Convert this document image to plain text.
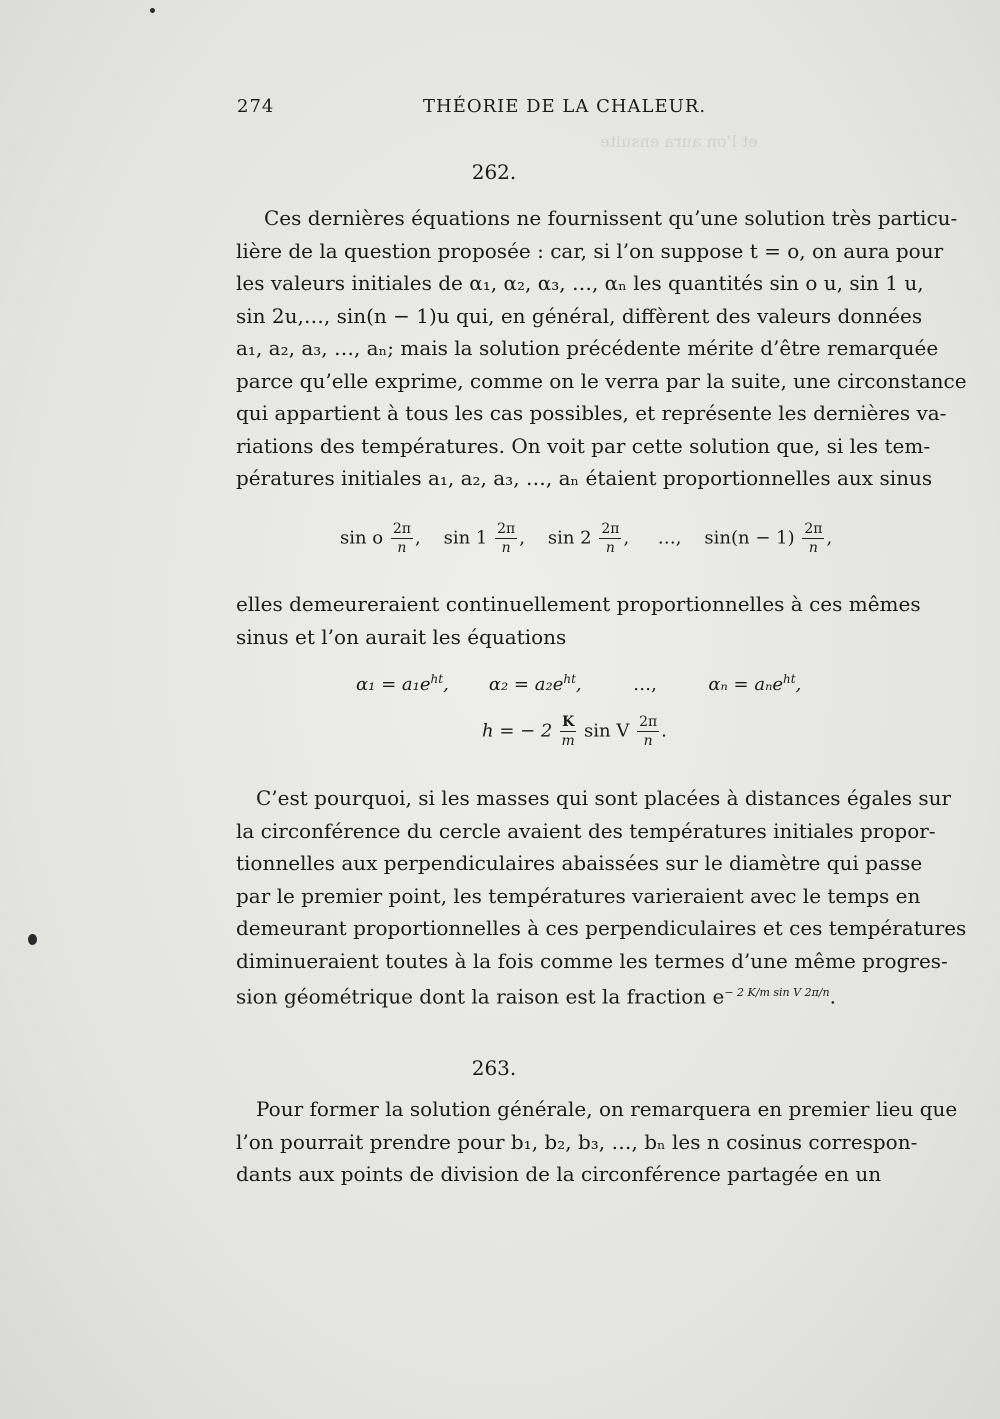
et l’on aura ensuite
274	THÉORIE DE LA CHALEUR.
262.
Ces dernières équations ne fournissent qu’une solution très particu-
lière de la question proposée : car, si l’on suppose t = o, on aura pour
les valeurs initiales de α₁, α₂, α₃, …, αₙ les quantités sin o u, sin 1 u,
sin 2u,…, sin(n − 1)u qui, en général, diffèrent des valeurs données
a₁, a₂, a₃, …, aₙ; mais la solution précédente mérite d’être remarquée
parce qu’elle exprime, comme on le verra par la suite, une circonstance
qui appartient à tous les cas possibles, et représente les dernières va-
riations des températures. On voit par cette solution que, si les tem-
pératures initiales a₁, a₂, a₃, …, aₙ étaient proportionnelles aux sinus
sin o $\frac{2\pi}{n}$ ,    $\sin 1 \frac{2\pi}{n}$ ,    $\sin 2 \frac{2\pi}{n}$ ,     …, $\sin(n - 1) \frac{2\pi}{n}$ ,
elles demeureraient continuellement proportionnelles à ces mêmes
sinus et l’on aurait les équations
$\alpha_1 = a_1e^{ht}$,       $\alpha_2 = a_2e^{ht}$,         …,	αₙ = aₙe$^{ht}$,
h = − $2 \frac{K}{m}$ sin V $\frac{2\pi}{n}$ .
C’est pourquoi, si les masses qui sont placées à distances égales sur
la circonférence du cercle avaient des températures initiales propor-
tionnelles aux perpendiculaires abaissées sur le diamètre qui passe
par le premier point, les températures varieraient avec le temps en
demeurant proportionnelles à ces perpendiculaires et ces températures
diminueraient toutes à la fois comme les termes d’une même progres-
sion géométrique dont la raison est la fraction $e^{- 2 K/m sin V 2\pi/n}$.
263.
Pour former la solution générale, on remarquera en premier lieu que
l’on pourrait prendre pour b₁, b₂, b₃, …, bₙ les n cosinus correspon-
dants aux points de division de la circonférence partagée en un
